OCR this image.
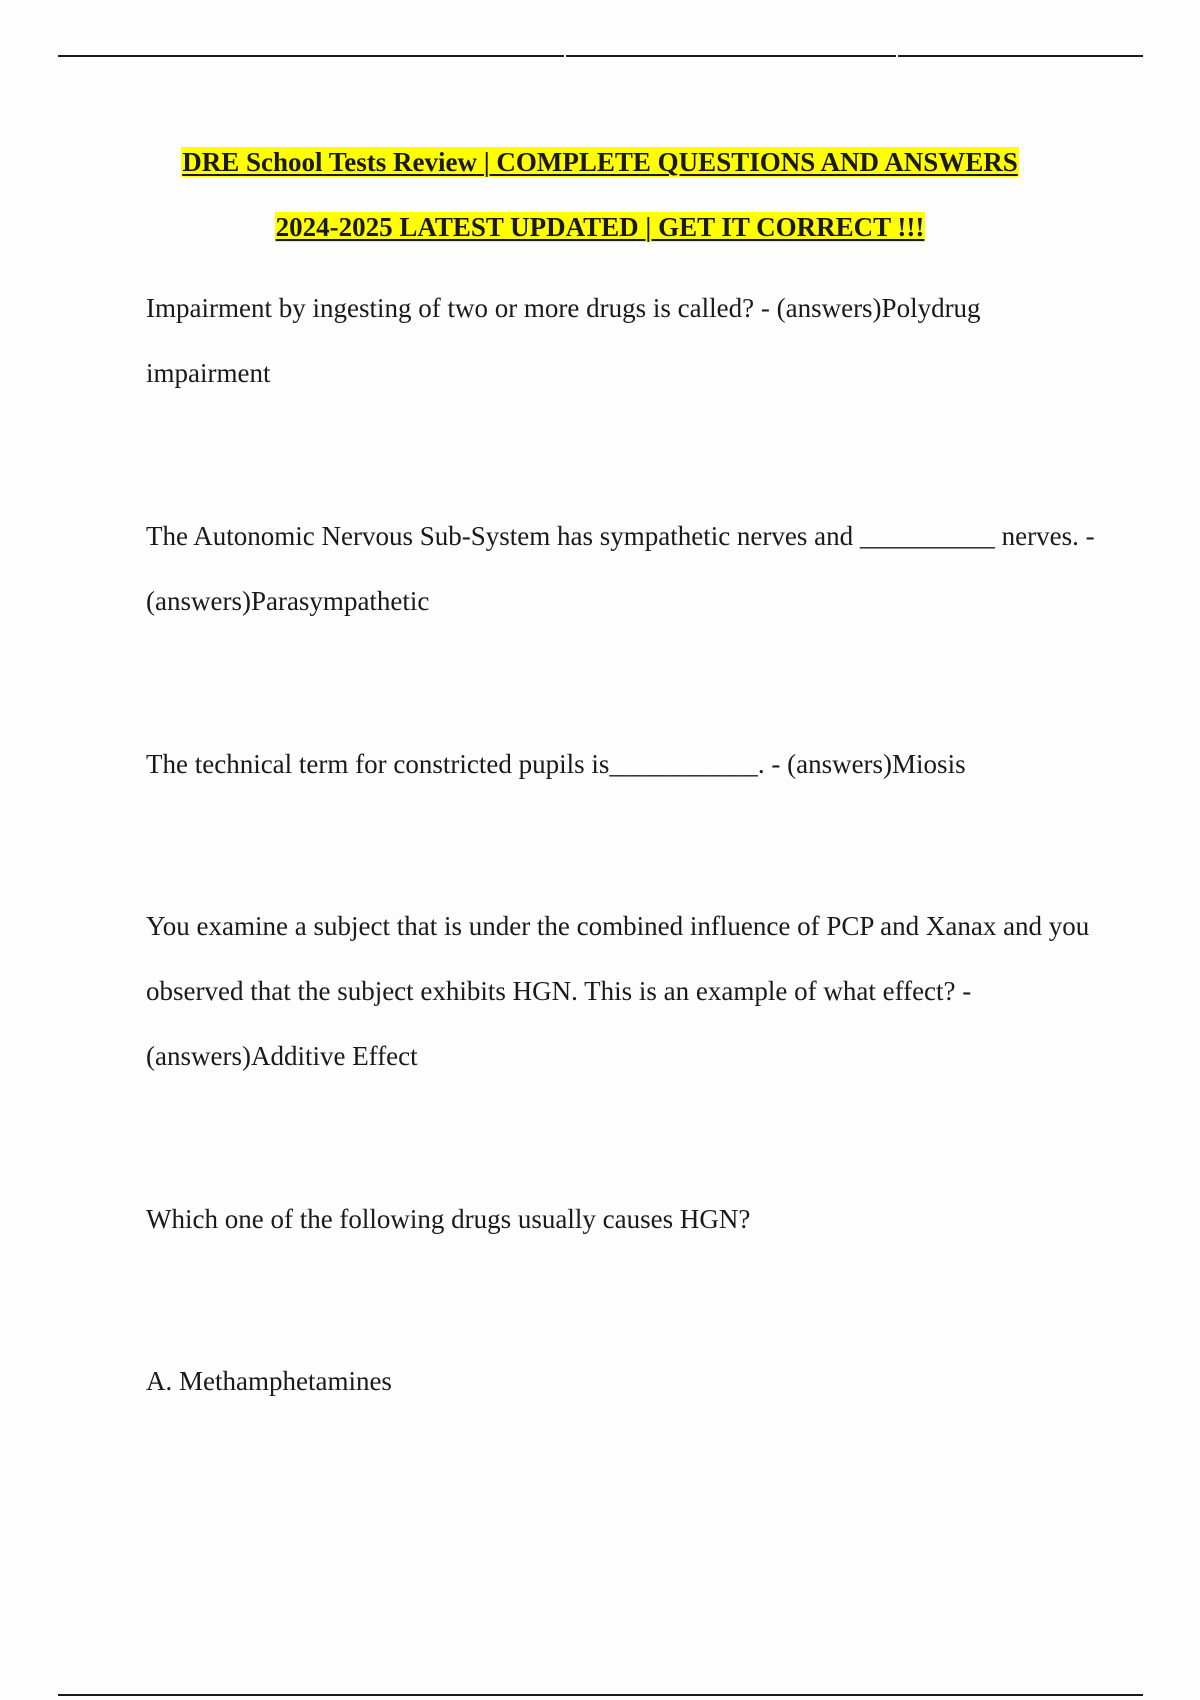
DRE School Tests Review | COMPLETE QUESTIONS AND ANSWERS
2024-2025 LATEST UPDATED | GET IT CORRECT !!!

Impairment by ingesting of two or more drugs is called? - (answers)Polydrug impairment

The Autonomic Nervous Sub-System has sympathetic nerves and __________ nerves. - (answers)Parasympathetic

The technical term for constricted pupils is___________. - (answers)Miosis

You examine a subject that is under the combined influence of PCP and Xanax and you observed that the subject exhibits HGN. This is an example of what effect? - (answers)Additive Effect

Which one of the following drugs usually causes HGN?

A. Methamphetamines
